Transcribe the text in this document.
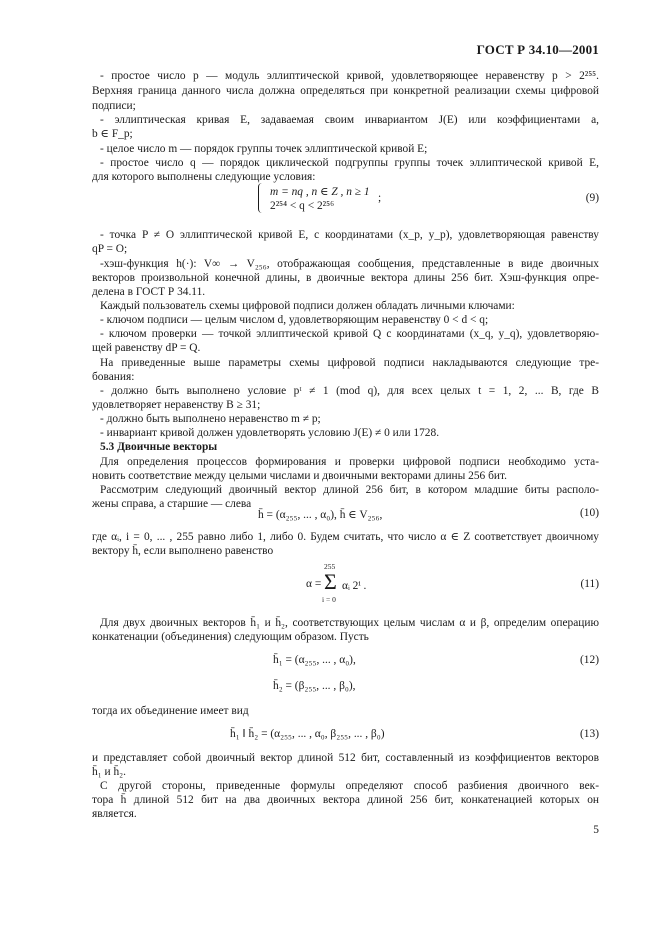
ГОСТ Р 34.10—2001
- простое число p — модуль эллиптической кривой, удовлетворяющее неравенству p > 2²⁵⁵.
Верхняя граница данного числа должна определяться при конкретной реализации схемы цифровой
подписи;
- эллиптическая кривая E, задаваемая своим инвариантом J(E) или коэффициентами a,
b ∈ F_p;
- целое число m — порядок группы точек эллиптической кривой E;
- простое число q — порядок циклической подгруппы группы точек эллиптической кривой E,
для которого выполнены следующие условия:
m = nq , n ∈ Z , n ≥ 1
2²⁵⁴ < q < 2²⁵⁶
;	(9)
- точка P ≠ O эллиптической кривой E, с координатами (x_p, y_p), удовлетворяющая равенству
qP = O;
-хэш-функция h(·): V∞ → V₂₅₆, отображающая сообщения, представленные в виде двоичных
векторов произвольной конечной длины, в двоичные вектора длины 256 бит. Хэш-функция опре-
делена в ГОСТ Р 34.11.
Каждый пользователь схемы цифровой подписи должен обладать личными ключами:
- ключом подписи — целым числом d, удовлетворяющим неравенству 0 < d < q;
- ключом проверки — точкой эллиптической кривой Q с координатами (x_q, y_q), удовлетворяю-
щей равенству dP = Q.
На приведенные выше параметры схемы цифровой подписи накладываются следующие тре-
бования:
- должно быть выполнено условие pᵗ ≠ 1 (mod q), для всех целых t = 1, 2, ... B, где B
удовлетворяет неравенству B ≥ 31;
- должно быть выполнено неравенство m ≠ p;
- инвариант кривой должен удовлетворять условию J(E) ≠ 0 или 1728.
5.3 Двоичные векторы
Для определения процессов формирования и проверки цифровой подписи необходимо уста-
новить соответствие между целыми числами и двоичными векторами длины 256 бит.
Рассмотрим следующий двоичный вектор длиной 256 бит, в котором младшие биты располо-
жены справа, а старшие — слева
h̄ = (α₂₅₅, ... , α₀), h̄ ∈ V₂₅₆,	(10)
где αᵢ, i = 0, ... , 255 равно либо 1, либо 0. Будем считать, что число α ∈ Z соответствует двоичному
вектору h̄, если выполнено равенство
α =
255
Σ
i = 0
αᵢ 2ⁱ .	(11)
Для двух двоичных векторов h̄₁ и h̄₂, соответствующих целым числам α и β, определим операцию
конкатенации (объединения) следующим образом. Пусть
h̄₁ = (α₂₅₅, ... , α₀),	(12)
h̄₂ = (β₂₅₅, ... , β₀),
тогда их объединение имеет вид
h̄₁ ‖ h̄₂ = (α₂₅₅, ... , α₀, β₂₅₅, ... , β₀)	(13)
и представляет собой двоичный вектор длиной 512 бит, составленный из коэффициентов векторов
h̄₁ и h̄₂.
С другой стороны, приведенные формулы определяют способ разбиения двоичного век-
тора h̄ длиной 512 бит на два двоичных вектора длиной 256 бит, конкатенацией которых он
является.
5
